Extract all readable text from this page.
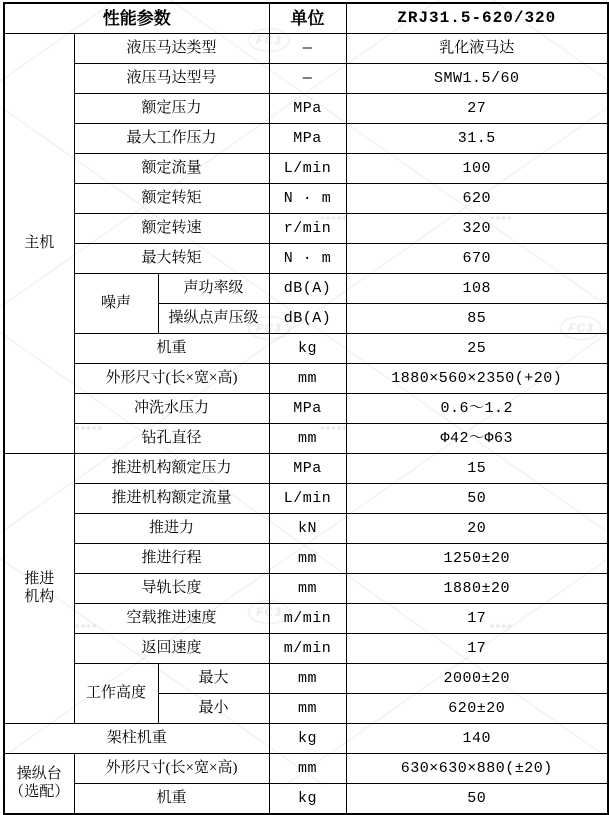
性能参数			单位	ZRJ31.5-620/320
主机	液压马达类型		—	乳化液马达
	液压马达型号		—	SMW1.5/60
	额定压力		MPa	27
	最大工作压力		MPa	31.5
	额定流量		L/min	100
	额定转矩		N · m	620
	额定转速		r/min	320
	最大转矩		N · m	670
	噪声	声功率级	dB(A)	108
		操纵点声压级	dB(A)	85
	机重		kg	25
	外形尺寸(长×宽×高)		mm	1880×560×2350(+20)
	冲洗水压力		MPa	0.6～1.2
	钻孔直径		mm	Φ42～Φ63
推进
机构	推进机构额定压力		MPa	15
	推进机构额定流量		L/min	50
	推进力		kN	20
	推进行程		mm	1250±20
	导轨长度		mm	1880±20
	空载推进速度		m/min	17
	返回速度		m/min	17
	工作高度	最大	mm	2000±20
		最小	mm	620±20
架柱机重			kg	140
操纵台
（选配）	外形尺寸(长×宽×高)		mm	630×630×880(±20)
	机重		kg	50
FC3
FC3
FC3
FC3
▪▪▪▪▪	▪▪▪▪
▪▪▪▪▪	▪▪▪▪▪
▪▪▪▪	▪▪▪▪
